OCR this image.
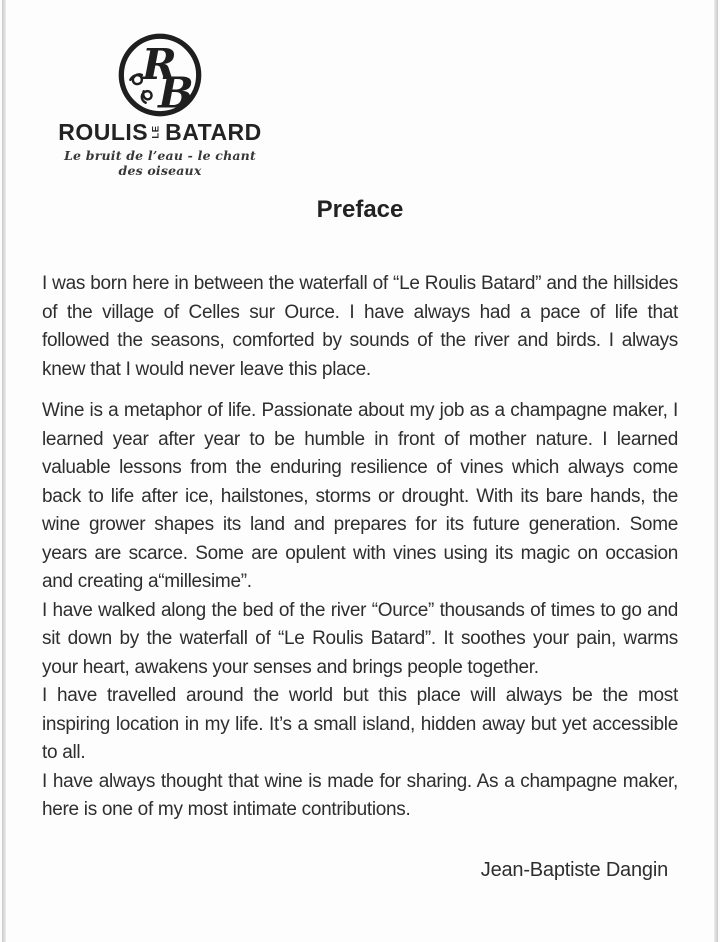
R
B
ROULIS LE BATARD
Le bruit de l’eau - le chant des oiseaux
Preface

I was born here in between the waterfall of “Le Roulis Batard” and the hillsides of the village of Celles sur Ource. I have always had a pace of life that followed the seasons, comforted by sounds of the river and birds. I always knew that I would never leave this place.

Wine is a metaphor of life. Passionate about my job as a champagne maker, I learned year after year to be humble in front of mother nature. I learned valuable lessons from the enduring resilience of vines which always come back to life after ice, hailstones, storms or drought. With its bare hands, the wine grower shapes its land and prepares for its future generation. Some years are scarce. Some are opulent with vines using its magic on occasion and creating a“millesime”.

I have walked along the bed of the river “Ource” thousands of times to go and sit down by the waterfall of “Le Roulis Batard”. It soothes your pain, warms your heart, awakens your senses and brings people together.

I have travelled around the world but this place will always be the most inspiring location in my life. It’s a small island, hidden away but yet accessible to all.

I have always thought that wine is made for sharing. As a champagne maker, here is one of my most intimate contributions.

Jean-Baptiste Dangin
